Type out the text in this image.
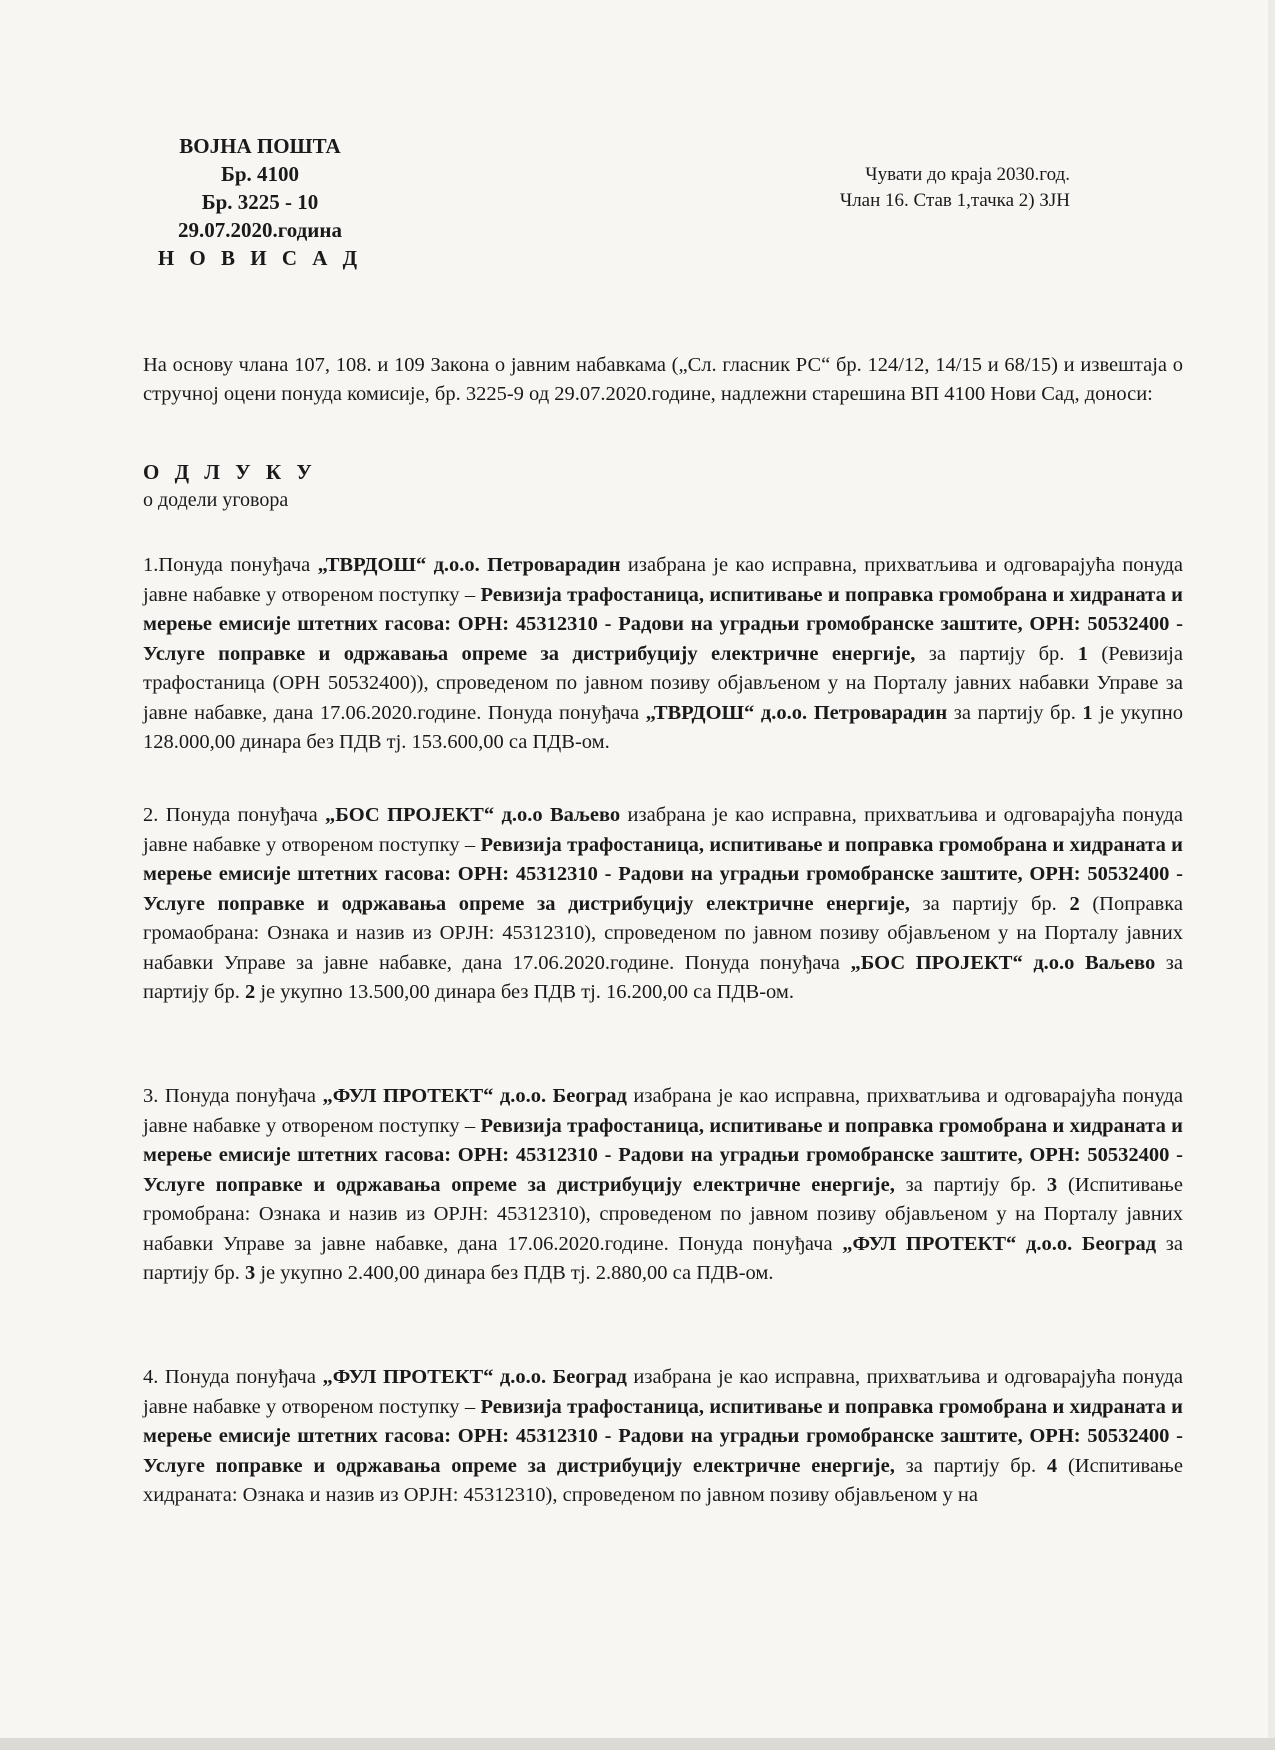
ВОЈНА ПОШТА
Бр. 4100
Бр. 3225 - 10
29.07.2020.година
Н О В И С А Д
Чувати до краја 2030.год.
Члан 16. Став 1,тачка 2) ЗЈН
На основу члана 107, 108. и 109 Закона о јавним набавкама („Сл. гласник РС“ бр. 124/12, 14/15 и 68/15) и извештаја о стручној оцени понуда комисије, бр. 3225-9 од 29.07.2020.године, надлежни старешина ВП 4100 Нови Сад, доноси:
О Д Л У К У
о додели уговора
1.Понуда понуђача „ТВРДОШ“ д.о.о. Петроварадин изабрана је као исправна, прихватљива и одговарајућа понуда јавне набавке у отвореном поступку – Ревизија трафостаница, испитивање и поправка громобрана и хидраната и мерење емисије штетних гасова: ОРН: 45312310 - Радови на уградњи громобранске заштите, ОРН: 50532400 - Услуге поправке и одржавања опреме за дистрибуцију електричне енергије, за партију бр. 1 (Ревизија трафостаница (ОРН 50532400)), спроведеном по јавном позиву објављеном у на Порталу јавних набавки Управе за јавне набавке, дана 17.06.2020.године. Понуда понуђача „ТВРДОШ“ д.о.о. Петроварадин за партију бр. 1 је укупно 128.000,00 динара без ПДВ тј. 153.600,00 са ПДВ-ом.
2. Понуда понуђача „БОС ПРОЈЕКТ“ д.о.о Ваљево изабрана је као исправна, прихватљива и одговарајућа понуда јавне набавке у отвореном поступку – Ревизија трафостаница, испитивање и поправка громобрана и хидраната и мерење емисије штетних гасова: ОРН: 45312310 - Радови на уградњи громобранске заштите, ОРН: 50532400 - Услуге поправке и одржавања опреме за дистрибуцију електричне енергије, за партију бр. 2 (Поправка громаобрана: Ознака и назив из ОРЈН: 45312310), спроведеном по јавном позиву објављеном у на Порталу јавних набавки Управе за јавне набавке, дана 17.06.2020.године. Понуда понуђача „БОС ПРОЈЕКТ“ д.о.о Ваљево за партију бр. 2 је укупно 13.500,00 динара без ПДВ тј. 16.200,00 са ПДВ-ом.
3. Понуда понуђача „ФУЛ ПРОТЕКТ“ д.о.о. Београд изабрана је као исправна, прихватљива и одговарајућа понуда јавне набавке у отвореном поступку – Ревизија трафостаница, испитивање и поправка громобрана и хидраната и мерење емисије штетних гасова: ОРН: 45312310 - Радови на уградњи громобранске заштите, ОРН: 50532400 - Услуге поправке и одржавања опреме за дистрибуцију електричне енергије, за партију бр. 3 (Испитивање громобрана: Ознака и назив из ОРЈН: 45312310), спроведеном по јавном позиву објављеном у на Порталу јавних набавки Управе за јавне набавке, дана 17.06.2020.године. Понуда понуђача „ФУЛ ПРОТЕКТ“ д.о.о. Београд за партију бр. 3 је укупно 2.400,00 динара без ПДВ тј. 2.880,00 са ПДВ-ом.
4. Понуда понуђача „ФУЛ ПРОТЕКТ“ д.о.о. Београд изабрана је као исправна, прихватљива и одговарајућа понуда јавне набавке у отвореном поступку – Ревизија трафостаница, испитивање и поправка громобрана и хидраната и мерење емисије штетних гасова: ОРН: 45312310 - Радови на уградњи громобранске заштите, ОРН: 50532400 - Услуге поправке и одржавања опреме за дистрибуцију електричне енергије, за партију бр. 4 (Испитивање хидраната: Ознака и назив из ОРЈН: 45312310), спроведеном по јавном позиву објављеном у на
